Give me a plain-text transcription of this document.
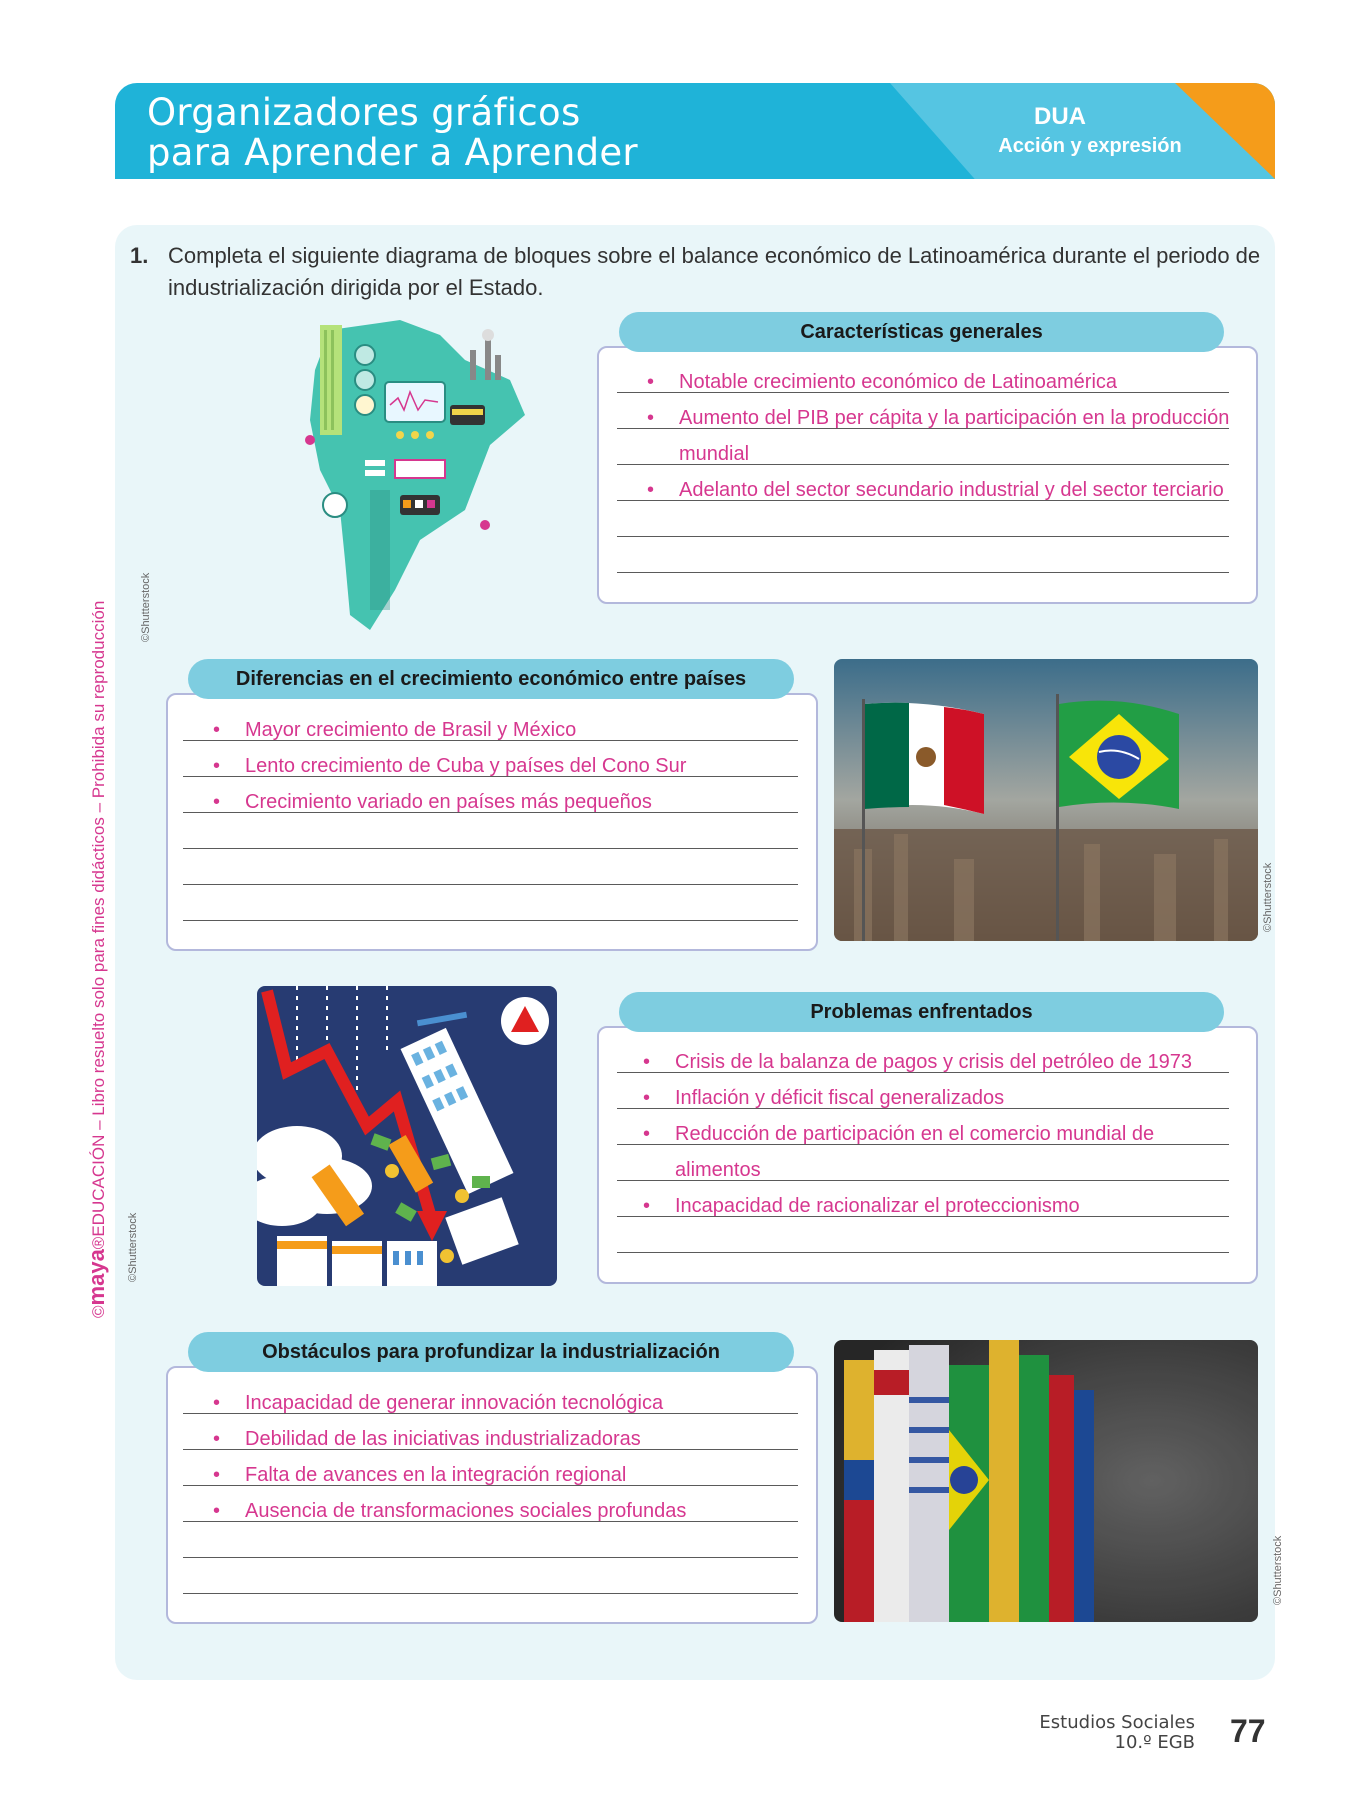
Organizadores gráficos
para Aprender a Aprender
DUA
Acción y expresión
©maya®EDUCACIÓN – Libro resuelto solo para fines didácticos – Prohibida su reproducción
1. Completa el siguiente diagrama de bloques sobre el balance económico de Latinoamérica durante el periodo de industrialización dirigida por el Estado.
Características generales
• Notable crecimiento económico de Latinoamérica
• Aumento del PIB per cápita y la participación en la producción
mundial
• Adelanto del sector secundario industrial y del sector terciario
©Shutterstock
Diferencias en el crecimiento económico entre países
• Mayor crecimiento de Brasil y México
• Lento crecimiento de Cuba y países del Cono Sur
• Crecimiento variado en países más pequeños
©Shutterstock
©Shutterstock
Problemas enfrentados
• Crisis de la balanza de pagos y crisis del petróleo de 1973
• Inflación y déficit fiscal generalizados
• Reducción de participación en el comercio mundial de
alimentos
• Incapacidad de racionalizar el proteccionismo
Obstáculos para profundizar la industrialización
• Incapacidad de generar innovación tecnológica
• Debilidad de las iniciativas industrializadoras
• Falta de avances en la integración regional
• Ausencia de transformaciones sociales profundas
©Shutterstock
Estudios Sociales
10.º EGB 77
